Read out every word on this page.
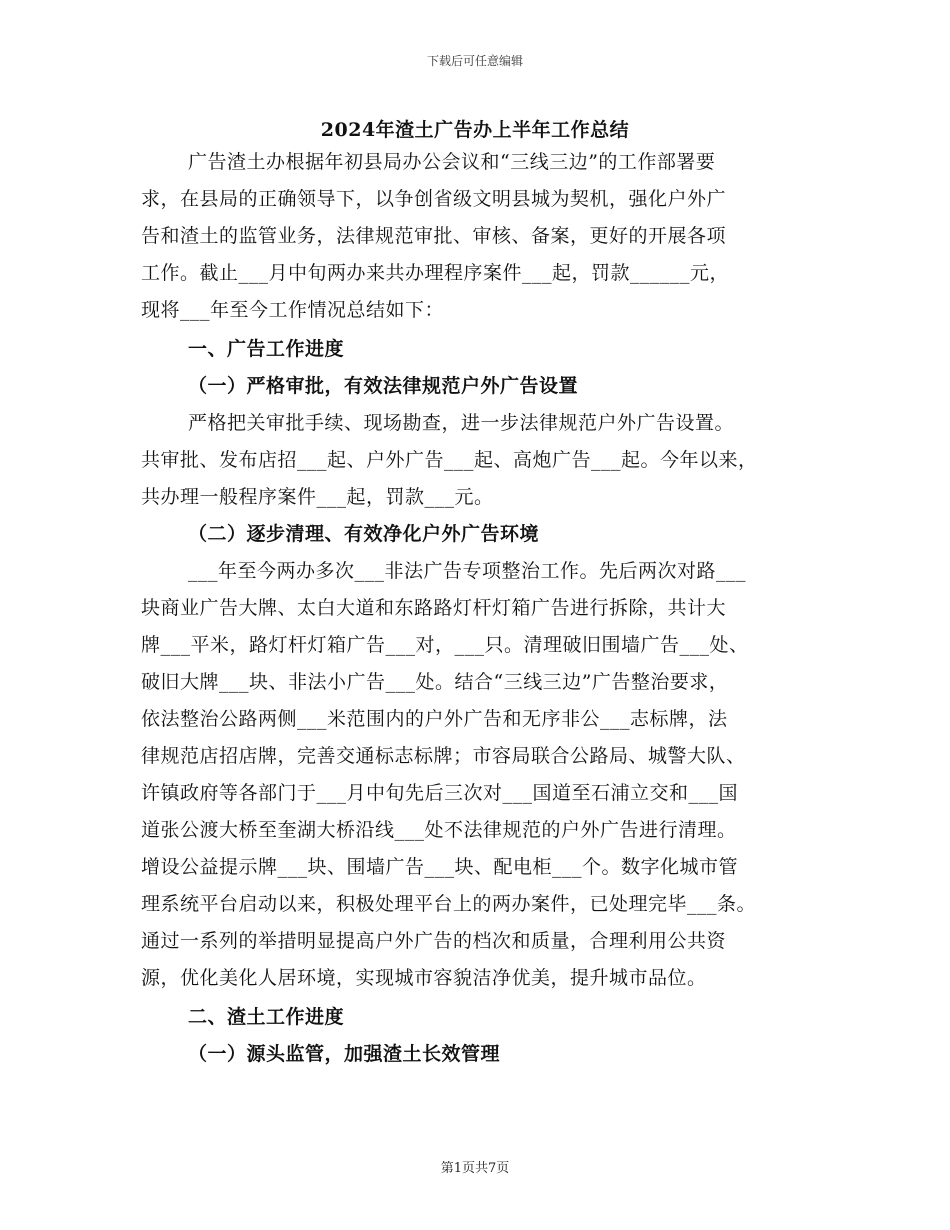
下载后可任意编辑
2024年渣土广告办上半年工作总结
广告渣土办根据年初县局办公会议和“三线三边”的工作部署要
求，在县局的正确领导下，以争创省级文明县城为契机，强化户外广
告和渣土的监管业务，法律规范审批、审核、备案，更好的开展各项
工作。截止___月中旬两办来共办理程序案件___起，罚款______元，
现将___年至今工作情况总结如下：
一、广告工作进度
（一）严格审批，有效法律规范户外广告设置
严格把关审批手续、现场勘查，进一步法律规范户外广告设置。
共审批、发布店招___起、户外广告___起、高炮广告___起。今年以来，
共办理一般程序案件___起，罚款___元。
（二）逐步清理、有效净化户外广告环境
___年至今两办多次___非法广告专项整治工作。先后两次对路___
块商业广告大牌、太白大道和东路路灯杆灯箱广告进行拆除，共计大
牌___平米，路灯杆灯箱广告___对，___只。清理破旧围墙广告___处、
破旧大牌___块、非法小广告___处。结合“三线三边”广告整治要求，
依法整治公路两侧___米范围内的户外广告和无序非公___志标牌，法
律规范店招店牌，完善交通标志标牌；市容局联合公路局、城警大队、
许镇政府等各部门于___月中旬先后三次对___国道至石浦立交和___国
道张公渡大桥至奎湖大桥沿线___处不法律规范的户外广告进行清理。
增设公益提示牌___块、围墙广告___块、配电柜___个。数字化城市管
理系统平台启动以来，积极处理平台上的两办案件，已处理完毕___条。
通过一系列的举措明显提高户外广告的档次和质量，合理利用公共资
源，优化美化人居环境，实现城市容貌洁净优美，提升城市品位。
二、渣土工作进度
（一）源头监管，加强渣土长效管理
第1页共7页
